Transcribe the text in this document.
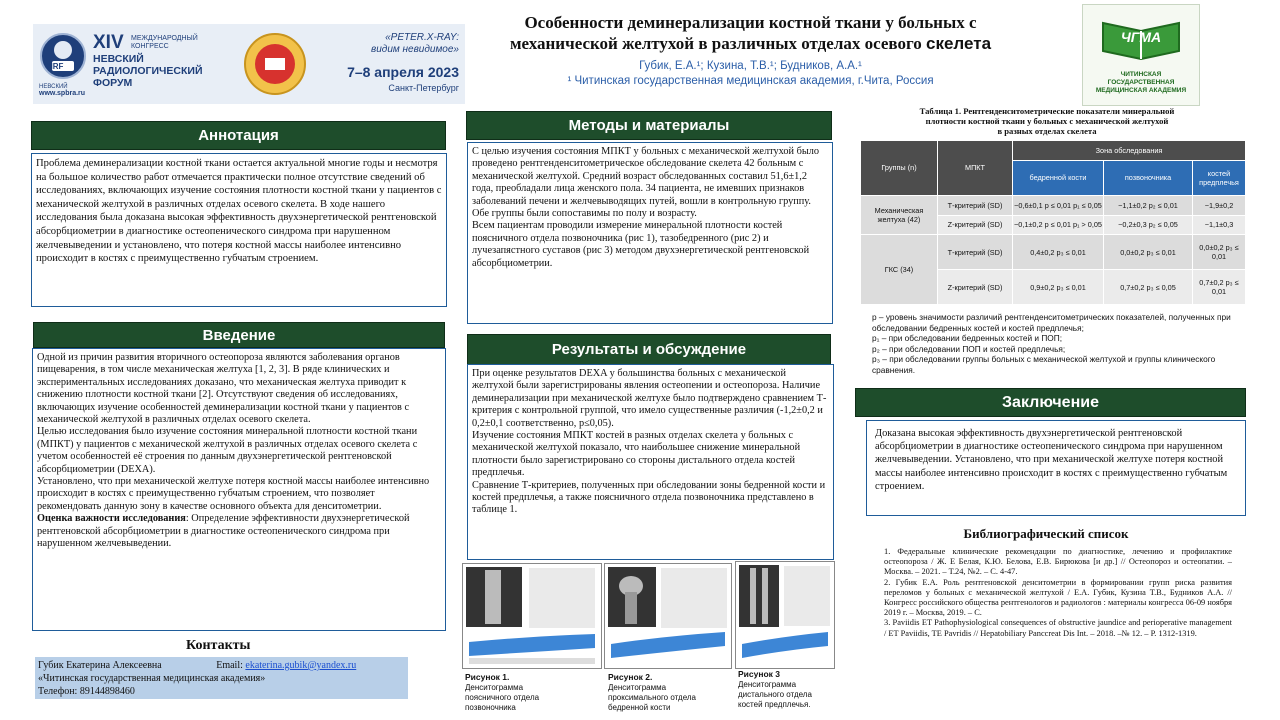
NRF
НЕВСКИЙ
XIV МЕЖДУНАРОДНЫЙ КОНГРЕСС
НЕВСКИЙ
РАДИОЛОГИЧЕСКИЙ
ФОРУМ
www.spbra.ru
«PETER.X-RAY:
видим невидимое»
7–8 апреля 2023
Санкт-Петербург
Особенности деминерализации костной ткани у больных с
механической желтухой в различных отделах осевого скелета
Губик, Е.А.¹; Кузина, Т.В.¹; Будников, А.А.¹
¹ Читинская государственная медицинская академия, г.Чита, Россия
ЧГМА
ЧИТИНСКАЯ ГОСУДАРСТВЕННАЯ МЕДИЦИНСКАЯ АКАДЕМИЯ
Аннотация

Проблема деминерализации костной ткани остается актуальной многие годы и несмотря на большое количество работ отмечается практически полное отсутствие сведений об исследованиях, включающих изучение состояния плотности костной ткани у пациентов с механической желтухой в различных отделах осевого скелета. В ходе нашего исследования была доказана высокая эффективность двухэнергетической рентгеновской абсорбциометрии в диагностике остеопенического синдрома при нарушенном желчевыведении и установлено, что потеря костной массы наиболее интенсивно происходит в костях с преимущественно губчатым строением.

Введение

Одной из причин развития вторичного остеопороза являются заболевания органов пищеварения, в том числе механическая желтуха [1, 2, 3]. В ряде клинических и экспериментальных исследованиях доказано, что механическая желтуха приводит к снижению плотности костной ткани [2]. Отсутствуют сведения об исследованиях, включающих изучение особенностей деминерализации костной ткани у пациентов с механической желтухой в различных отделах осевого скелета.

Целью исследования было изучение состояния минеральной плотности костной ткани (МПКТ) у пациентов с механической желтухой в различных отделах осевого скелета с учетом особенностей её строения по данным двухэнергетической рентгеновской абсорбциометрии (DEXA).

Установлено, что при механической желтухе потеря костной массы наиболее интенсивно происходит в костях с преимущественно губчатым строением, что позволяет рекомендовать данную зону в качестве основного объекта для денситометрии.

Оценка важности исследования: Определение эффективности двухэнергетической рентгеновской абсорбциометрии в диагностике остеопенического синдрома при нарушенном желчевыведении.

Контакты
Губик Екатерина Алексеевна	Email: ekaterina.gubik@yandex.ru
«Читинская государственная медицинская академия»
Телефон: 89144898460
Методы и материалы

С целью изучения состояния МПКТ у больных с механической желтухой было проведено рентгенденситометрическое обследование скелета 42 больным с механической желтухой. Средний возраст обследованных составил 51,6±1,2 года, преобладали лица женского пола. 34 пациента, не имевших признаков заболеваний печени и желчевыводящих путей, вошли в контрольную группу. Обе группы были сопоставимы по полу и возрасту.

Всем пациентам проводили измерение минеральной плотности костей поясничного отдела позвоночника (рис 1), тазобедренного (рис 2) и лучезапястного суставов (рис 3) методом двухэнергетической рентгеновской абсорбциометрии.

Результаты и обсуждение

При оценке результатов DEXA у большинства больных с механической желтухой были зарегистрированы явления остеопении и остеопороза. Наличие деминерализации при механической желтухе было подтверждено сравнением Т-критерия с контрольной группой, что имело существенные различия (-1,2±0,2 и 0,2±0,1 соответственно, р≤0,05).

Изучение состояния МПКТ костей в разных отделах скелета у больных с механической желтухой показало, что наибольшее снижение минеральной плотности было зарегистрировано со стороны дистального отдела костей предплечья.

Сравнение Т-критериев, полученных при обследовании зоны бедренной кости и костей предплечья, а также поясничного отдела позвоночника представлено в таблице 1.

Рисунок 1.
Денситограмма поясничного отдела позвоночника
Рисунок 2.
Денситограмма проксимального отдела бедренной кости
Рисунок 3
Денситограмма дистального отдела костей предплечья.
Таблица 1. Рентгенденситометрические показатели минеральной
плотности костной ткани у больных с механической желтухой
в разных отделах скелета
Группы (n)	МПКТ	Зона обследования		
		бедренной кости	позвоночника	костей предплечья
Механическая желтуха (42)	Т-критерий (SD)	−0,6±0,1 p ≤ 0,01 p₁ ≤ 0,05	−1,1±0,2 p₂ ≤ 0,01	−1,9±0,2
	Z-критерий (SD)	−0,1±0,2 p ≤ 0,01 p₁ > 0,05	−0,2±0,3 p₂ ≤ 0,05	−1,1±0,3
ГКС (34)	Т-критерий (SD)	0,4±0,2 p₃ ≤ 0,01	0,0±0,2 p₃ ≤ 0,01	0,0±0,2 p₃ ≤ 0,01
	Z-критерий (SD)	0,9±0,2 p₃ ≤ 0,01	0,7±0,2 p₃ ≤ 0,05	0,7±0,2 p₃ ≤ 0,01
р – уровень значимости различий рентгенденситометрических показателей, полученных при обследовании бедренных костей и костей предплечья;
р₁ – при обследовании бедренных костей и ПОП;
р₂ – при обследовании ПОП и костей предплечья;
р₃ – при обследовании группы больных с механической желтухой и группы клинического сравнения.
Заключение

Доказана высокая эффективность двухэнергетической рентгеновской абсорбциометрии в диагностике остеопенического синдрома при нарушенном желчевыведении. Установлено, что при механической желтухе потеря костной массы наиболее интенсивно происходит в костях с преимущественно губчатым строением.

Библиографический список

1. Федеральные клинические рекомендации по диагностике, лечению и профилактике остеопороза / Ж. Е Белая, К.Ю. Белова, Е.В. Бирюкова [и др.] // Остеопороз и остеопатии. – Москва. – 2021. – Т.24, №2. – С. 4-47.

2. Губик Е.А. Роль рентгеновской денситометрии в формировании групп риска развития переломов у больных с механической желтухой / Е.А. Губик, Кузина Т.В., Будников А.А. // Конгресс российского общества рентгенологов и радиологов : материалы конгресса 06-09 ноября 2019 г. – Москва, 2019. – С.

3. Paviidis ET Pathophysiological consequences of obstructive jaundice and perioperative management / ET Paviidis, TE Pavridis // Hepatobiliary Panccreat Dis Int. – 2018. –№ 12. – P. 1312-1319.
